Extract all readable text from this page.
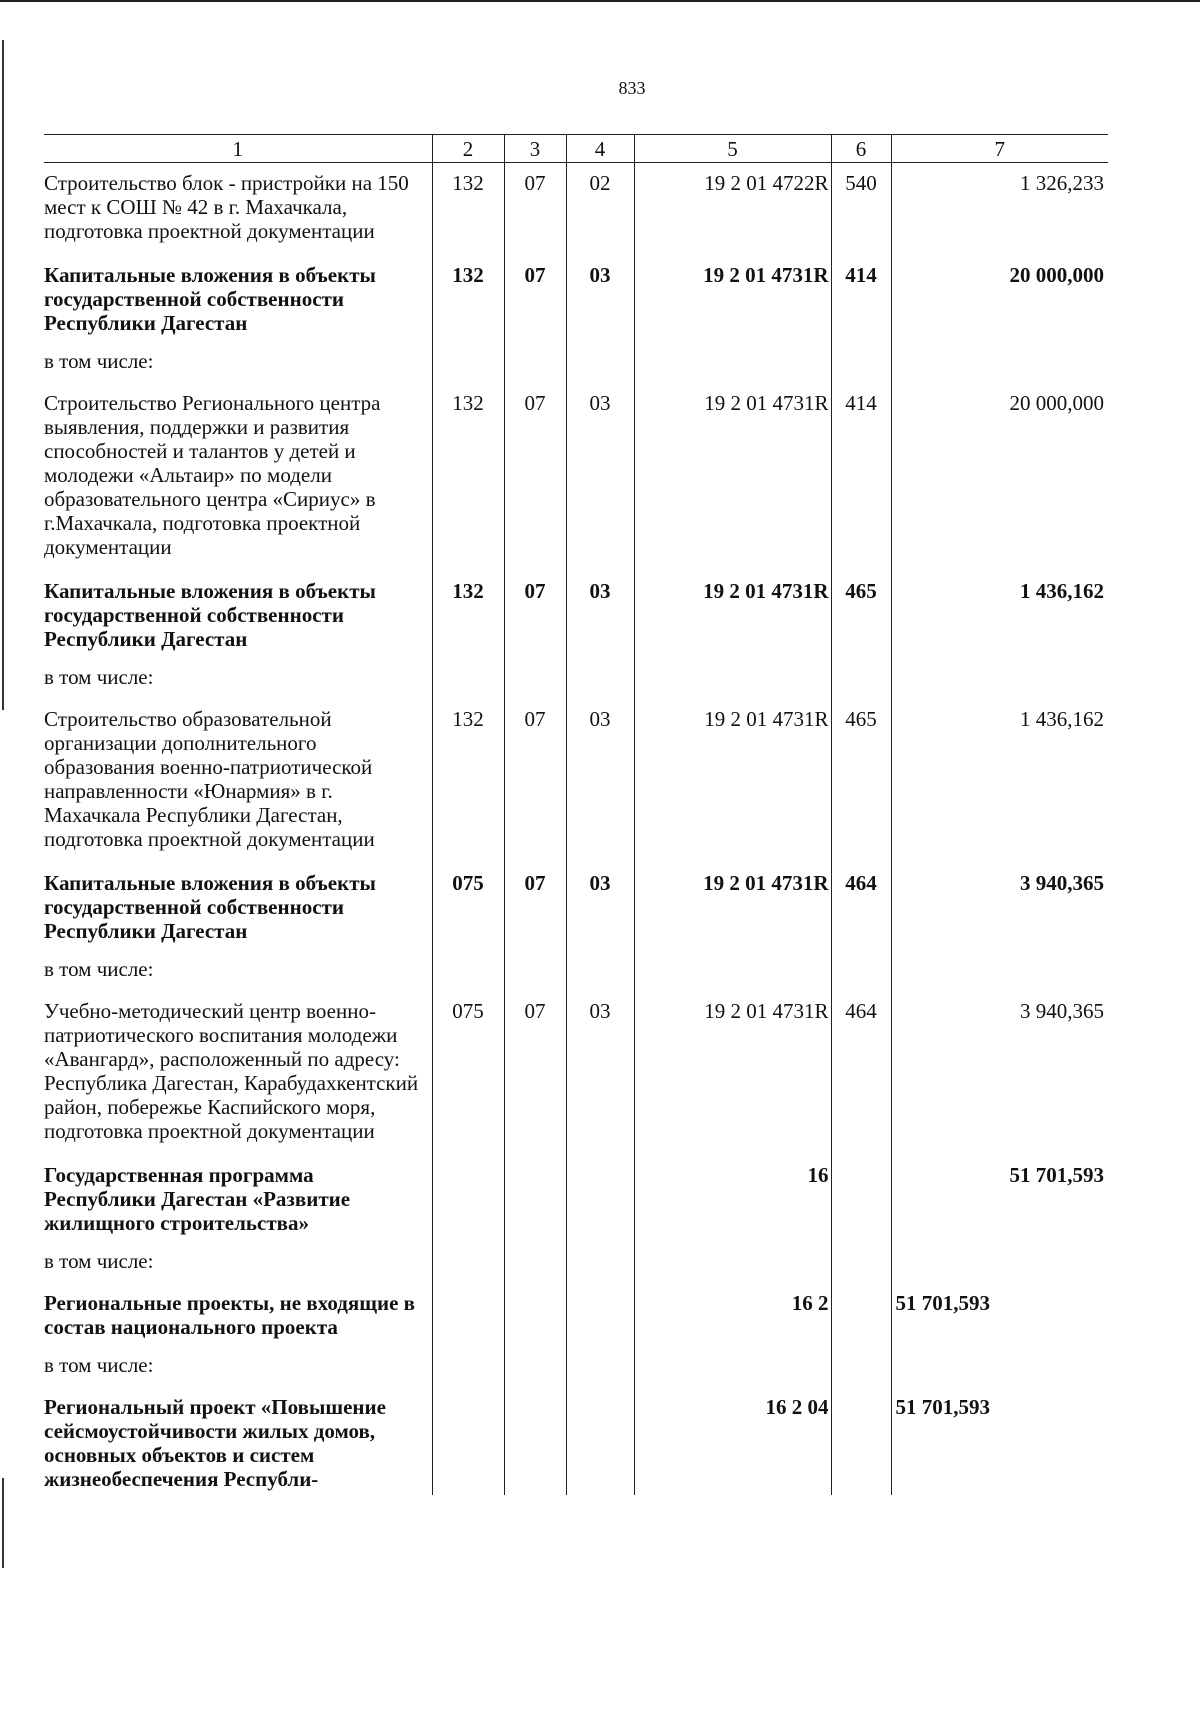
833
1	2	3	4	5	6	7
Строительство блок - пристройки на 150 мест к СОШ № 42 в г. Махачкала, подготовка проектной документации	132	07	02	19 2 01 4722R	540	1 326,233
Капитальные вложения в объекты государственной собственности Республики Дагестан	132	07	03	19 2 01 4731R	414	20 000,000
в том числе:						
Строительство Регионального центра выявления, поддержки и развития способностей и талантов у детей и молодежи «Альтаир» по модели образовательного центра «Сириус» в г.Махачкала, подготовка проектной документации	132	07	03	19 2 01 4731R	414	20 000,000
Капитальные вложения в объекты государственной собственности Республики Дагестан	132	07	03	19 2 01 4731R	465	1 436,162
в том числе:						
Строительство образовательной организации дополнительного образования военно-патриотической направленности «Юнармия» в г. Махачкала Республики Дагестан, подготовка проектной документации	132	07	03	19 2 01 4731R	465	1 436,162
Капитальные вложения в объекты государственной собственности Республики Дагестан	075	07	03	19 2 01 4731R	464	3 940,365
в том числе:						
Учебно-методический центр военно-патриотического воспитания молодежи «Авангард», расположенный по адресу: Республика Дагестан, Карабудахкентский район, побережье Каспийского моря, подготовка проектной документации	075	07	03	19 2 01 4731R	464	3 940,365
Государственная программа Республики Дагестан «Развитие жилищного строительства»				16		51 701,593
в том числе:						
Региональные проекты, не входящие в состав национального проекта				16 2		51 701,593
в том числе:						
Региональный проект «Повышение сейсмоустойчивости жилых домов, основных объектов и систем жизнеобеспечения Республи-				16 2 04		51 701,593
